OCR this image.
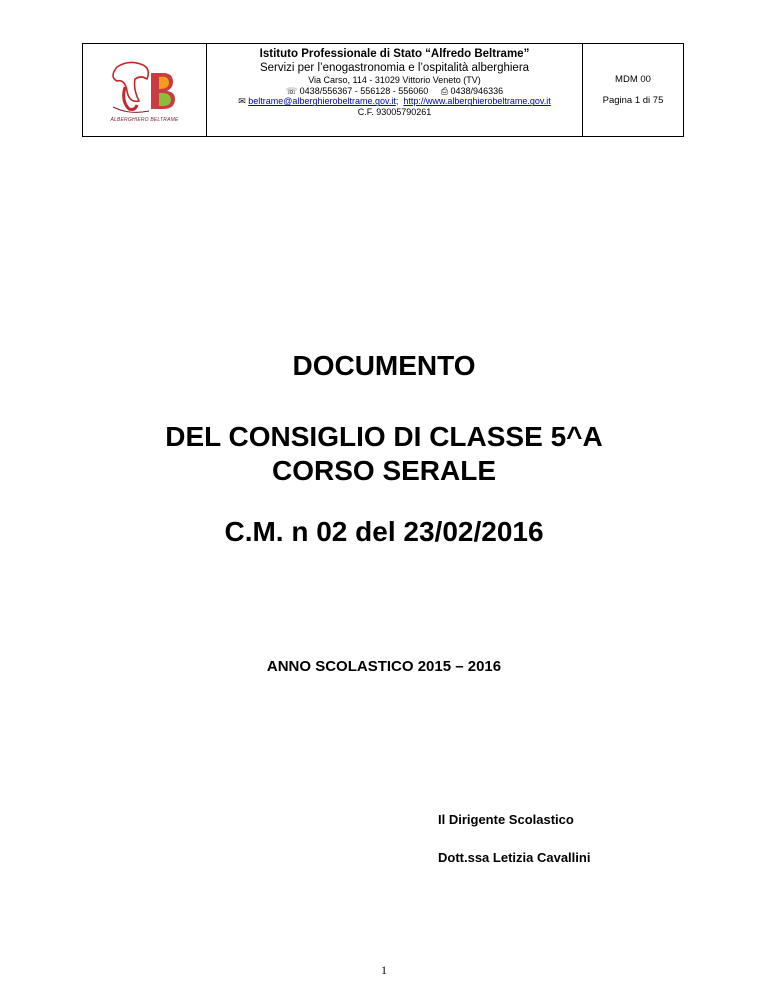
ALBERGHIERO BELTRAME
Istituto Professionale di Stato “Alfredo Beltrame”
Servizi per l’enogastronomia e l’ospitalità alberghiera
Via Carso, 114 - 31029 Vittorio Veneto (TV)
☏ 0438/556367 - 556128 - 556060 ⎙ 0438/946336
✉ beltrame@alberghierobeltrame.gov.it; http://www.alberghierobeltrame.gov.it
C.F. 93005790261
MDM 00
Pagina 1 di 75
DOCUMENTO
DEL CONSIGLIO DI CLASSE 5^A
CORSO SERALE
C.M. n 02 del 23/02/2016
ANNO SCOLASTICO 2015 – 2016
Il Dirigente Scolastico
Dott.ssa Letizia Cavallini
1
